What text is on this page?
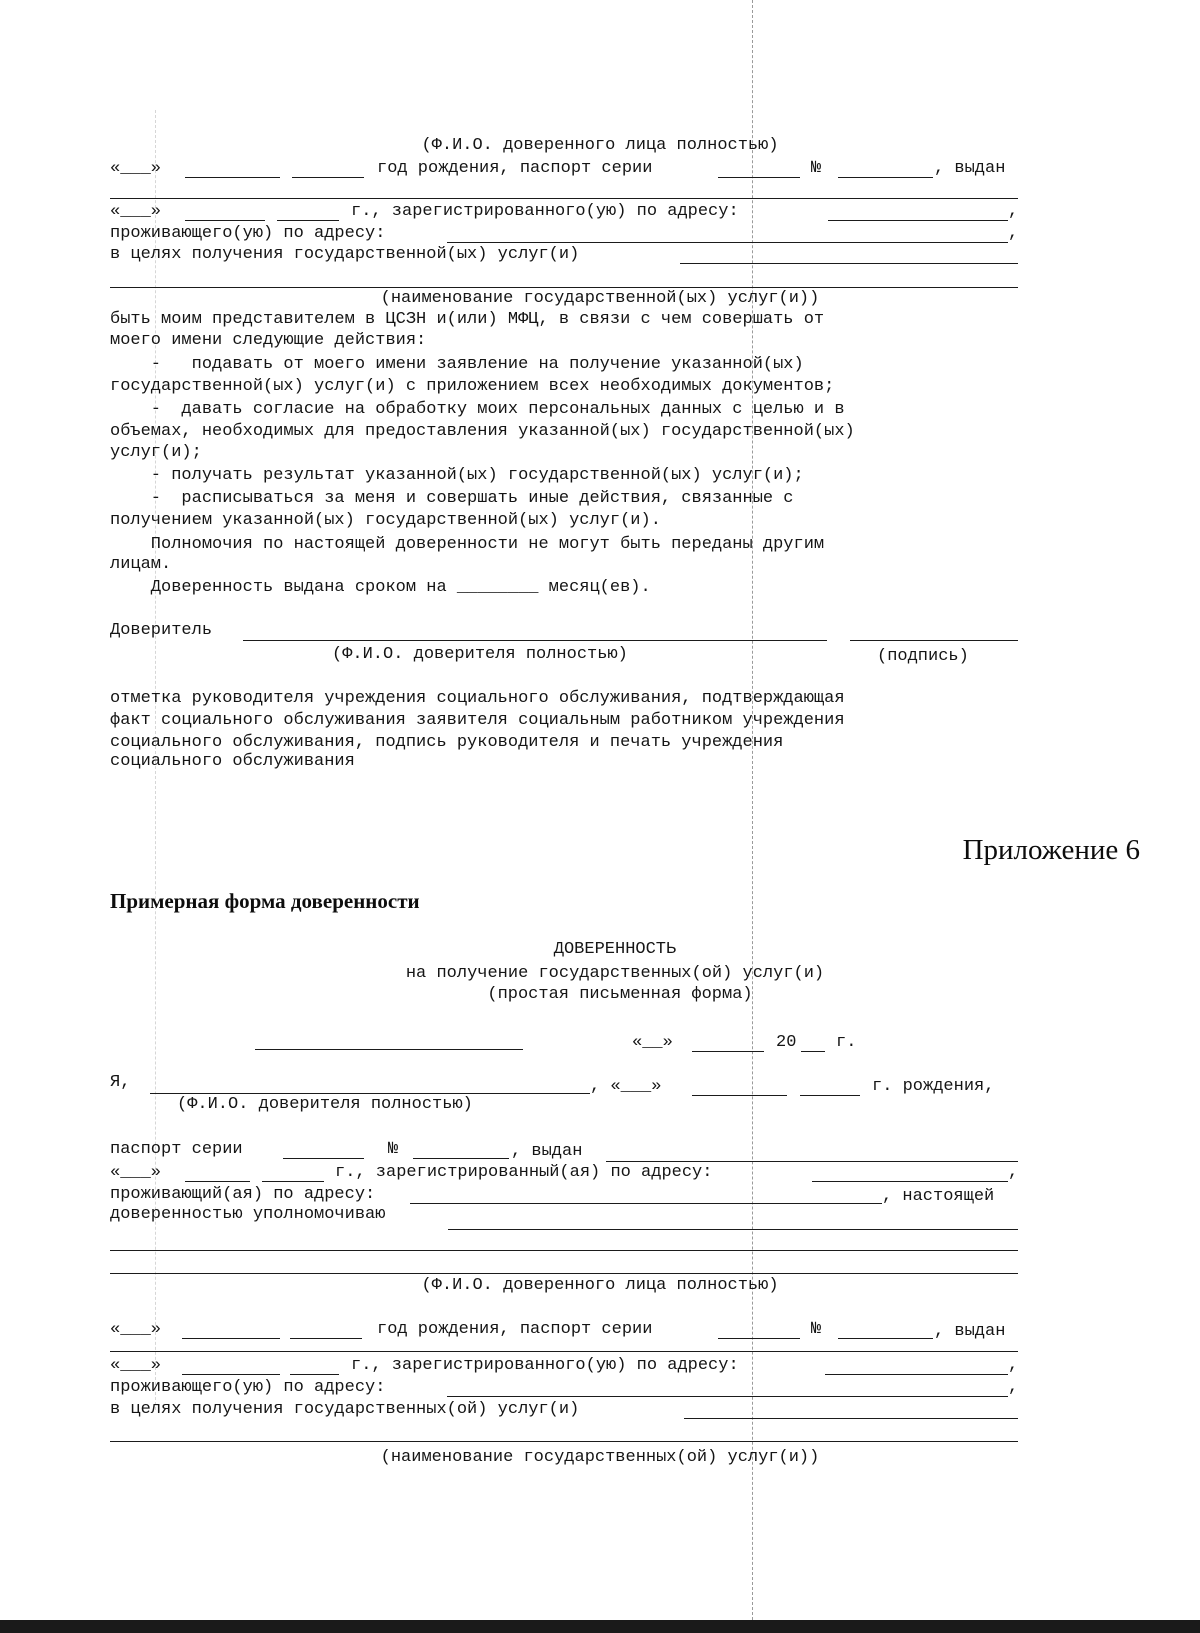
(Ф.И.О. доверенного лица полностью)
«___»	год рождения, паспорт серии	№	, выдан
«___»	г., зарегистрированного(ую) по адресу:	,
проживающего(ую) по адресу:	,
в целях получения государственной(ых) услуг(и)
(наименование государственной(ых) услуг(и))
быть моим представителем в ЦСЗН и(или) МФЦ, в связи с чем совершать от
моего имени следующие действия:
-   подавать от моего имени заявление на получение указанной(ых)
государственной(ых) услуг(и) с приложением всех необходимых документов;
-  давать согласие на обработку моих персональных данных с целью и в
объемах, необходимых для предоставления указанной(ых) государственной(ых)
услуг(и);
- получать результат указанной(ых) государственной(ых) услуг(и);
-  расписываться за меня и совершать иные действия, связанные с
получением указанной(ых) государственной(ых) услуг(и).
Полномочия по настоящей доверенности не могут быть переданы другим
лицам.
Доверенность выдана сроком на ________ месяц(ев).
Доверитель
(Ф.И.О. доверителя полностью)	(подпись)
отметка руководителя учреждения социального обслуживания, подтверждающая
факт социального обслуживания заявителя социальным работником учреждения
социального обслуживания, подпись руководителя и печать учреждения
социального обслуживания
Приложение 6
Примерная форма доверенности
ДОВЕРЕННОСТЬ
на получение государственных(ой) услуг(и)
(простая письменная форма)
«__»	20 г.
Я,	, «___»	г. рождения,
(Ф.И.О. доверителя полностью)
паспорт серии	№	, выдан
«___»	г., зарегистрированный(ая) по адресу:	,
проживающий(ая) по адресу:	, настоящей
доверенностью уполномочиваю
(Ф.И.О. доверенного лица полностью)
«___»	год рождения, паспорт серии	№	, выдан
«___»	г., зарегистрированного(ую) по адресу:	,
проживающего(ую) по адресу:	,
в целях получения государственных(ой) услуг(и)
(наименование государственных(ой) услуг(и))
